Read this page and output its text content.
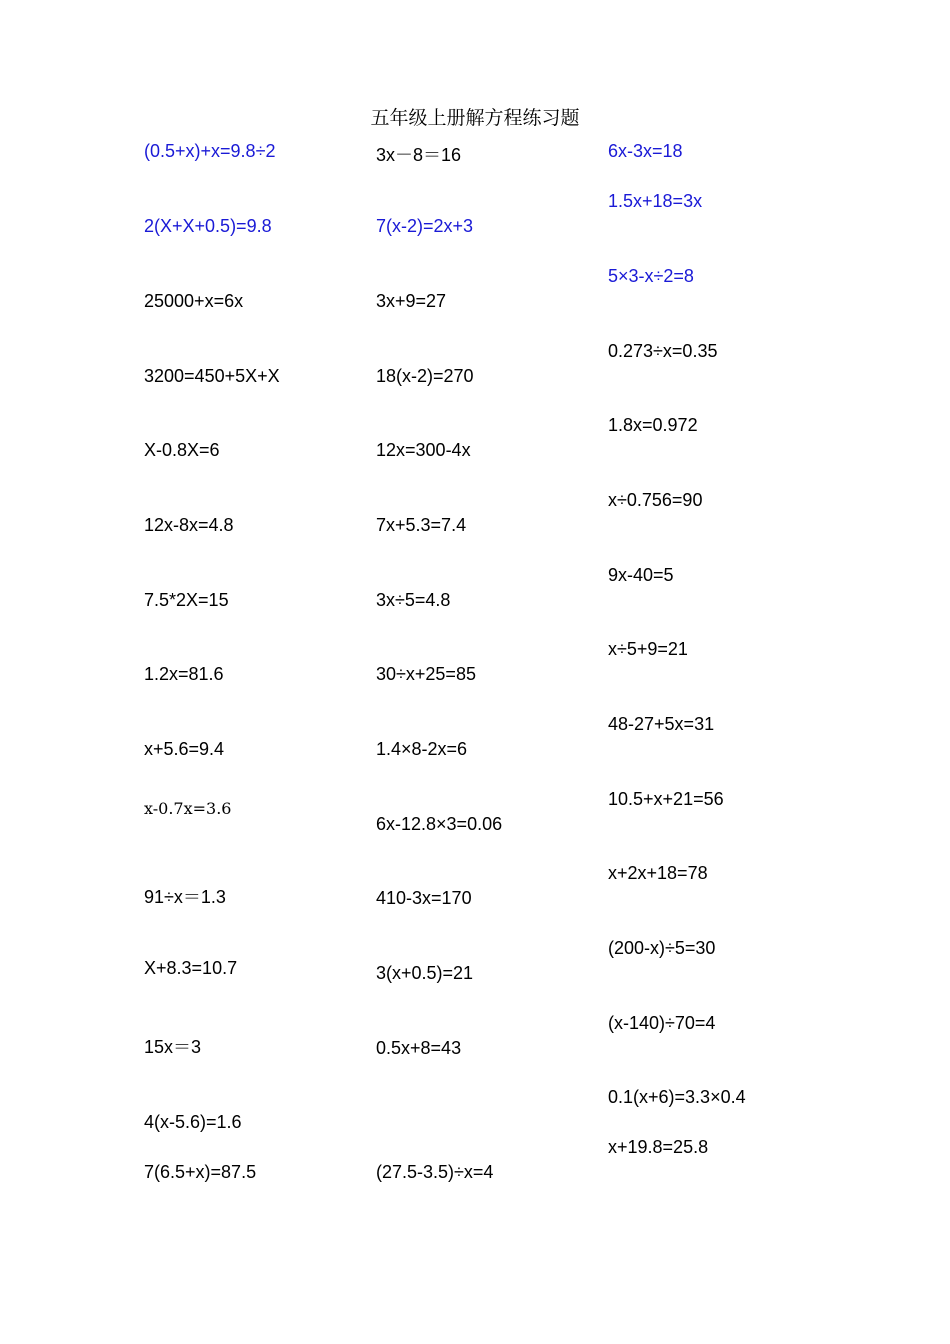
五年级上册解方程练习题
(0.5+x)+x=9.8÷2
2(X+X+0.5)=9.8
25000+x=6x
3200=450+5X+X
X-0.8X=6
12x-8x=4.8
7.5*2X=15
1.2x=81.6
x+5.6=9.4
x-0.7x=3.6
91÷x＝1.3
X+8.3=10.7
15x＝3
4(x-5.6)=1.6
7(6.5+x)=87.5
3x－8＝16
7(x-2)=2x+3
3x+9=27
18(x-2)=270
12x=300-4x
7x+5.3=7.4
3x÷5=4.8
30÷x+25=85
1.4×8-2x=6
6x-12.8×3=0.06
410-3x=170
3(x+0.5)=21
0.5x+8=43
(27.5-3.5)÷x=4
6x-3x=18
1.5x+18=3x
5×3-x÷2=8
0.273÷x=0.35
1.8x=0.972
x÷0.756=90
9x-40=5
x÷5+9=21
48-27+5x=31
10.5+x+21=56
x+2x+18=78
(200-x)÷5=30
(x-140)÷70=4
0.1(x+6)=3.3×0.4
x+19.8=25.8
